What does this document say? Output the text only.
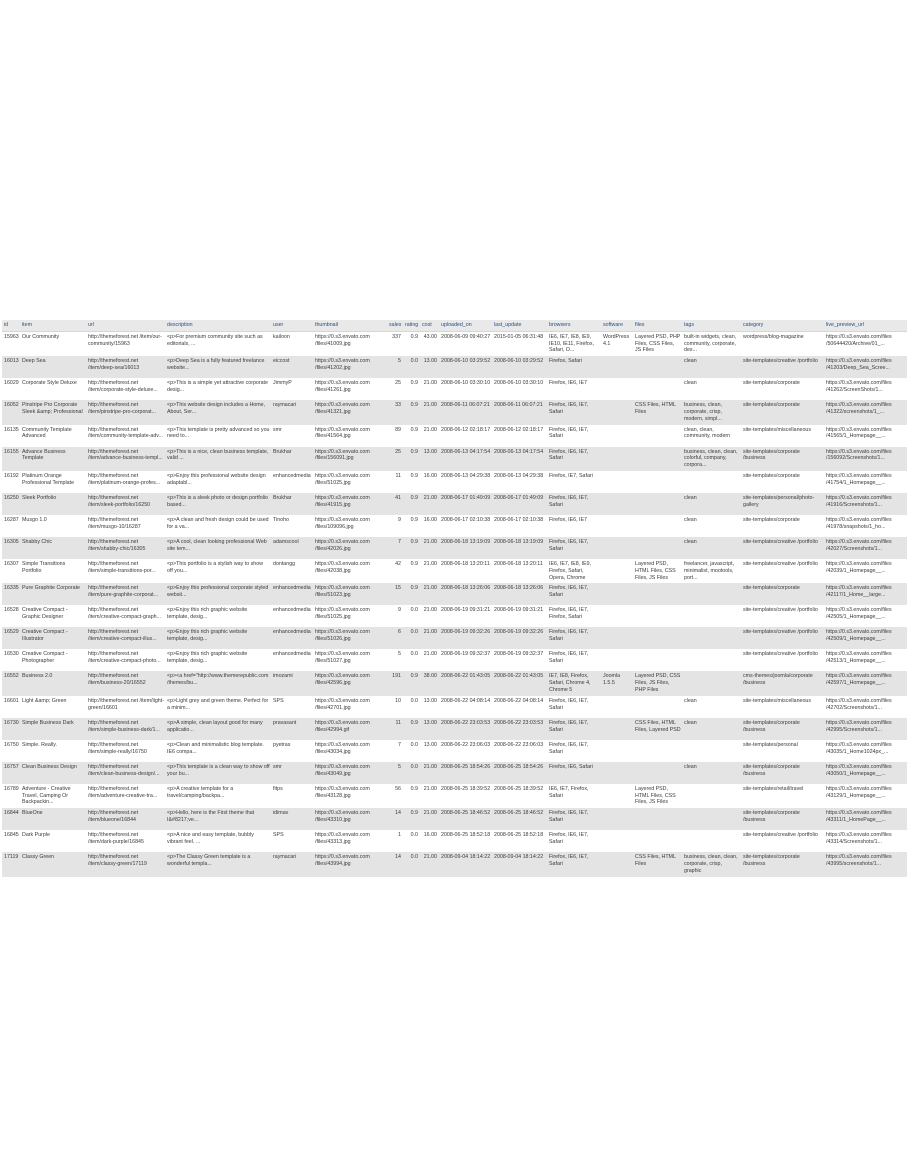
id	item	url	description	user	thumbnail	sales	rating	cost	uploaded_on	last_update	browsers	software	files	tags	category	live_preview_url
15963	Our Community	http://themeforest.net /item/our-community/15963	<p>For premium community site such as editorials, ...	kailoon	https://0.s3.envato.com /files/41009.jpg	337	0.9	43.00	2008-06-09 09:40:27	2015-01-05 06:31:48	IE6, IE7, IE8, IE9, IE10, IE11, Firefox, Safari, O...	WordPress 4.1	Layered PSD, PHP Files, CSS Files, JS Files	built-in widgets, clean, community, corporate, des...	wordpress/blog-magazine	https://0.s3.envato.com/files /50644420/Archive/01_...
16013	Deep Sea	http://themeforest.net /item/deep-sea/16013	<p>Deep Sea is a fully featured freelance website...	eiccost	https://0.s3.envato.com /files/41202.jpg	5	0.0	13.00	2008-06-10 03:29:52	2008-06-10 03:29:52	Firefox, Safari			clean	site-templates/creative /portfolio	https://0.s3.envato.com/files /41203/Deep_Sea_Scree...
16029	Corporate Style Deluxe	http://themeforest.net /item/corporate-style-deluxe...	<p>This is a simple yet attractive corporate desig...	JimmyP	https://0.s3.envato.com /files/41261.jpg	25	0.9	21.00	2008-06-10 03:30:10	2008-06-10 03:30:10	Firefox, IE6, IE7			clean	site-templates/corporate	https://0.s3.envato.com/files /41262/ScreenShots/1...
16052	Pinstripe Pro Corporate Sleek &amp; Professional	http://themeforest.net /item/pinstripe-pro-corporat...	<p>This website design includes a Home, About, Ser...	raymacari	https://0.s3.envato.com /files/41321.jpg	33	0.9	21.00	2008-06-11 06:07:21	2008-06-11 06:07:21	Firefox, IE6, IE7, Safari		CSS Files, HTML Files	business, clean, corporate, crisp, modern, simpl...	site-templates/corporate	https://0.s3.envato.com/files /41322/screenshots/1_...
16135	Community Template Advanced	http://themeforest.net /item/community-template-adv...	<p>This template is pretty advanced so you need to...	smr	https://0.s3.envato.com /files/41564.jpg	89	0.9	21.00	2008-06-12 02:18:17	2008-06-12 02:18:17	Firefox, IE6, IE7, Safari			clean, clean, community, modern	site-templates/miscellaneous	https://0.s3.envato.com/files /41565/1_Homepage__...
16155	Advance Business Template	http://themeforest.net /item/advance-business-templ...	<p>This is a nice, clean business template, valid ...	Brukhar	https://0.s3.envato.com /files/156091.jpg	25	0.9	13.00	2008-06-13 04:17:54	2008-06-13 04:17:54	Firefox, IE6, IE7, Safari			business, clean, clean, colorful, company, corpora...	site-templates/corporate /business	https://0.s3.envato.com/files /156092/Screenshots/1...
16192	Platinum Orange Professional Template	http://themeforest.net /item/platinum-orange-profes...	<p>Enjoy this professional website design adaptabl...	enhancedmedia	https://0.s3.envato.com /files/51025.jpg	11	0.9	16.00	2008-06-13 04:29:38	2008-06-13 04:29:38	Firefox, IE7, Safari				site-templates/corporate	https://0.s3.envato.com/files /41754/1_Homepage__...
16250	Sleek Portfolio	http://themeforest.net /item/sleek-portfolio/16250	<p>This is a sleek photo or design portfolio based...	Brukhar	https://0.s3.envato.com /files/41915.jpg	41	0.9	21.00	2008-06-17 01:49:09	2008-06-17 01:49:09	Firefox, IE6, IE7, Safari			clean	site-templates/personal/photo-gallery	https://0.s3.envato.com/files /41916/Screenshots/1...
16287	Musgo 1.0	http://themeforest.net /item/musgo-10/16287	<p>A clean and fresh design could be used for a va...	Tinoho	https://0.s3.envato.com /files/109096.jpg	9	0.9	16.00	2008-06-17 02:10:38	2008-06-17 02:10:38	Firefox, IE6, IE7			clean	site-templates/corporate	https://0.s3.envato.com/files /41978/snapshots/1_ho...
16305	Shabby Chic	http://themeforest.net /item/shabby-chic/16305	<p>A cool, clean looking professional Web site tem...	adamscool	https://0.s3.envato.com /files/42026.jpg	7	0.9	21.00	2008-06-18 13:19:09	2008-06-18 13:19:09	Firefox, IE6, IE7, Safari			clean	site-templates/creative /portfolio	https://0.s3.envato.com/files /42027/Screenshots/1...
16307	Simple Transitions Portfolio	http://themeforest.net /item/simple-transitions-por...	<p>This portfolio is a stylish way to show off you...	dontangg	https://0.s3.envato.com /files/42038.jpg	42	0.9	21.00	2008-06-18 13:20:11	2008-06-18 13:20:11	IE6, IE7, IE8, IE9, Firefox, Safari, Opera, Chrome		Layered PSD, HTML Files, CSS Files, JS Files	freelancer, javascript, minimalist, mootools, port...	site-templates/creative /portfolio	https://0.s3.envato.com/files /42039/1_Homepage__...
16335	Pure Graphite Corporate	http://themeforest.net /item/pure-graphite-corporat...	<p>Enjoy this professional corporate styled websit...	enhancedmedia	https://0.s3.envato.com /files/51023.jpg	15	0.9	21.00	2008-06-18 13:26:06	2008-06-18 13:26:06	Firefox, IE6, IE7, Safari				site-templates/corporate	https://0.s3.envato.com/files /42117/1_Home__large...
16528	Creative Compact - Graphic Designer	http://themeforest.net /item/creative-compact-graph...	<p>Enjoy this rich graphic website template, desig...	enhancedmedia	https://0.s3.envato.com /files/51025.jpg	9	0.0	21.00	2008-06-19 09:31:21	2008-06-19 09:31:21	Firefox, IE6, IE7, Firefox, Safari				site-templates/creative /portfolio	https://0.s3.envato.com/files /42505/1_Homepage__...
16529	Creative Compact - Illustrator	http://themeforest.net /item/creative-compact-illus...	<p>Enjoy this rich graphic website template, desig...	enhancedmedia	https://0.s3.envato.com /files/51026.jpg	6	0.0	21.00	2008-06-19 09:32:26	2008-06-19 09:32:26	Firefox, IE6, IE7, Safari				site-templates/creative /portfolio	https://0.s3.envato.com/files /42509/1_Homepage__...
16530	Creative Compact - Photographer	http://themeforest.net /item/creative-compact-photo...	<p>Enjoy this rich graphic website template, desig...	enhancedmedia	https://0.s3.envato.com /files/51027.jpg	5	0.0	21.00	2008-06-19 09:32:37	2008-06-19 09:32:37	Firefox, IE6, IE7, Safari				site-templates/creative /portfolio	https://0.s3.envato.com/files /42513/1_Homepage__...
16552	Business 2.0	http://themeforest.net /item/business-20/16552	<p><a href="http://www.themerepublic.com /themes/bu...	imozami	https://0.s3.envato.com /files/42596.jpg	191	0.9	38.00	2008-06-22 01:43:05	2008-06-22 01:43:05	IE7, IE8, Firefox, Safari, Chrome 4, Chrome 5	Joomla 1.5.5	Layered PSD, CSS Files, JS Files, PHP Files		cms-themes/joomla/corporate /business	https://0.s3.envato.com/files /42597/1_Homepage__...
16601	Light &amp; Green	http://themeforest.net /item/light-green/16601	<p>Light grey and green theme. Perfect for a minim...	SPS	https://0.s3.envato.com /files/42701.jpg	10	0.0	13.00	2008-06-22 04:08:14	2008-06-22 04:08:14	Firefox, IE6, IE7, Safari			clean	site-templates/miscellaneous	https://0.s3.envato.com/files /42702/Screenshots/1...
16730	Simple Business Dark	http://themeforest.net /item/simple-business-dark/1...	<p>A simple, clean layout good for many applicatio...	pravasant	https://0.s3.envato.com /files/42994.gif	11	0.9	13.00	2008-06-22 23:03:53	2008-06-22 23:03:53	Firefox, IE6, IE7, Safari		CSS Files, HTML Files, Layered PSD	clean	site-templates/corporate /business	https://0.s3.envato.com/files /42995/Screenshots/1...
16750	Simple. Really.	http://themeforest.net /item/simple-really/16750	<p>Clean and minimalistic blog template. IE6 compa...	pyetras	https://0.s3.envato.com /files/43034.jpg	7	0.0	13.00	2008-06-22 23:06:03	2008-06-22 23:06:03	Firefox, IE6, IE7, Safari				site-templates/personal	https://0.s3.envato.com/files /43035/1_Home1024px_...
16757	Clean Business Design	http://themeforest.net /item/clean-business-design/...	<p>This template is a clean way to show off your bu...	smr	https://0.s3.envato.com /files/43049.jpg	5	0.0	21.00	2008-06-25 18:54:26	2008-06-25 18:54:26	Firefox, IE6, Safari			clean	site-templates/corporate /business	https://0.s3.envato.com/files /43050/1_Homepage__...
16789	Adventure - Creative Travel, Camping Or Backpackin...	http://themeforest.net /item/adventure-creative-tra...	<p>A creative template for a travel/camping/backpa...	fitps	https://0.s3.envato.com /files/43128.jpg	56	0.9	21.00	2008-06-25 18:39:52	2008-06-25 18:39:52	IE6, IE7, Firefox, Safari		Layered PSD, HTML Files, CSS Files, JS Files		site-templates/retail/travel	https://0.s3.envato.com/files /43129/1_Homepage__...
16844	BlueOne	http://themeforest.net /item/blueone/16844	<p>Hello, here is the First theme that I&#8217;ve...	idimav	https://0.s3.envato.com /files/43310.jpg	14	0.9	21.00	2008-06-25 18:46:52	2008-06-25 18:46:52	Firefox, IE6, IE7, Safari				site-templates/corporate /business	https://0.s3.envato.com/files /43311/1_HomePage__...
16845	Dark Purple	http://themeforest.net /item/dark-purple/16845	<p>A nice and easy template, bubbly vibrant feel. ...	SPS	https://0.s3.envato.com /files/43313.jpg	1	0.0	16.00	2008-06-25 18:52:18	2008-06-25 18:52:18	Firefox, IE6, IE7, Safari				site-templates/creative /portfolio	https://0.s3.envato.com/files /43314/Screenshots/1...
17119	Classy Green	http://themeforest.net /item/classy-green/17119	<p>The Classy Green template is a wonderful templa...	raymacari	https://0.s3.envato.com /files/43994.jpg	14	0.0	21.00	2008-09-04 18:14:22	2008-09-04 18:14:22	Firefox, IE6, IE7, Safari		CSS Files, HTML Files	business, clean, clean, corporate, crisp, graphic	site-templates/corporate /business	https://0.s3.envato.com/files /43995/screenshots/1...
